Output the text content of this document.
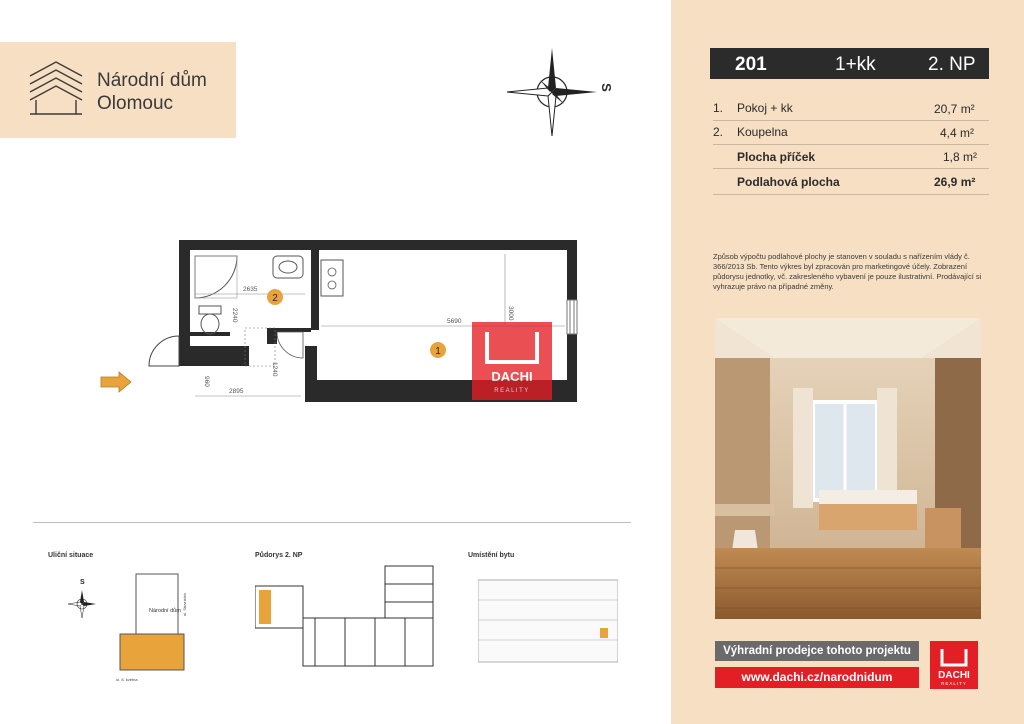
Národní dům
Olomouc
S
2635
2240	5690
3000
960
2895
1240
2
1
DACHI
REALITY
Uliční situace
S
Národní dům ul. Stuvnická
ul. 8. května
Půdorys 2. NP	Umístění bytu
201	1+kk	2. NP
1. Pokoj + kk	20,7 m²
2. Koupelna	4,4 m²
Plocha příček	1,8 m²
Podlahová plocha	26,9 m²
Způsob výpočtu podlahové plochy je stanoven v souladu s nařízením vlády č. 366/2013 Sb. Tento výkres byl zpracován pro marketingové účely. Zobrazení půdorysu jednotky, vč. zakresleného vybavení je pouze ilustrativní. Prodávající si vyhrazuje právo na případné změny.
Výhradní prodejce tohoto projektu
www.dachi.cz/narodnidum	DACHI
REALITY
